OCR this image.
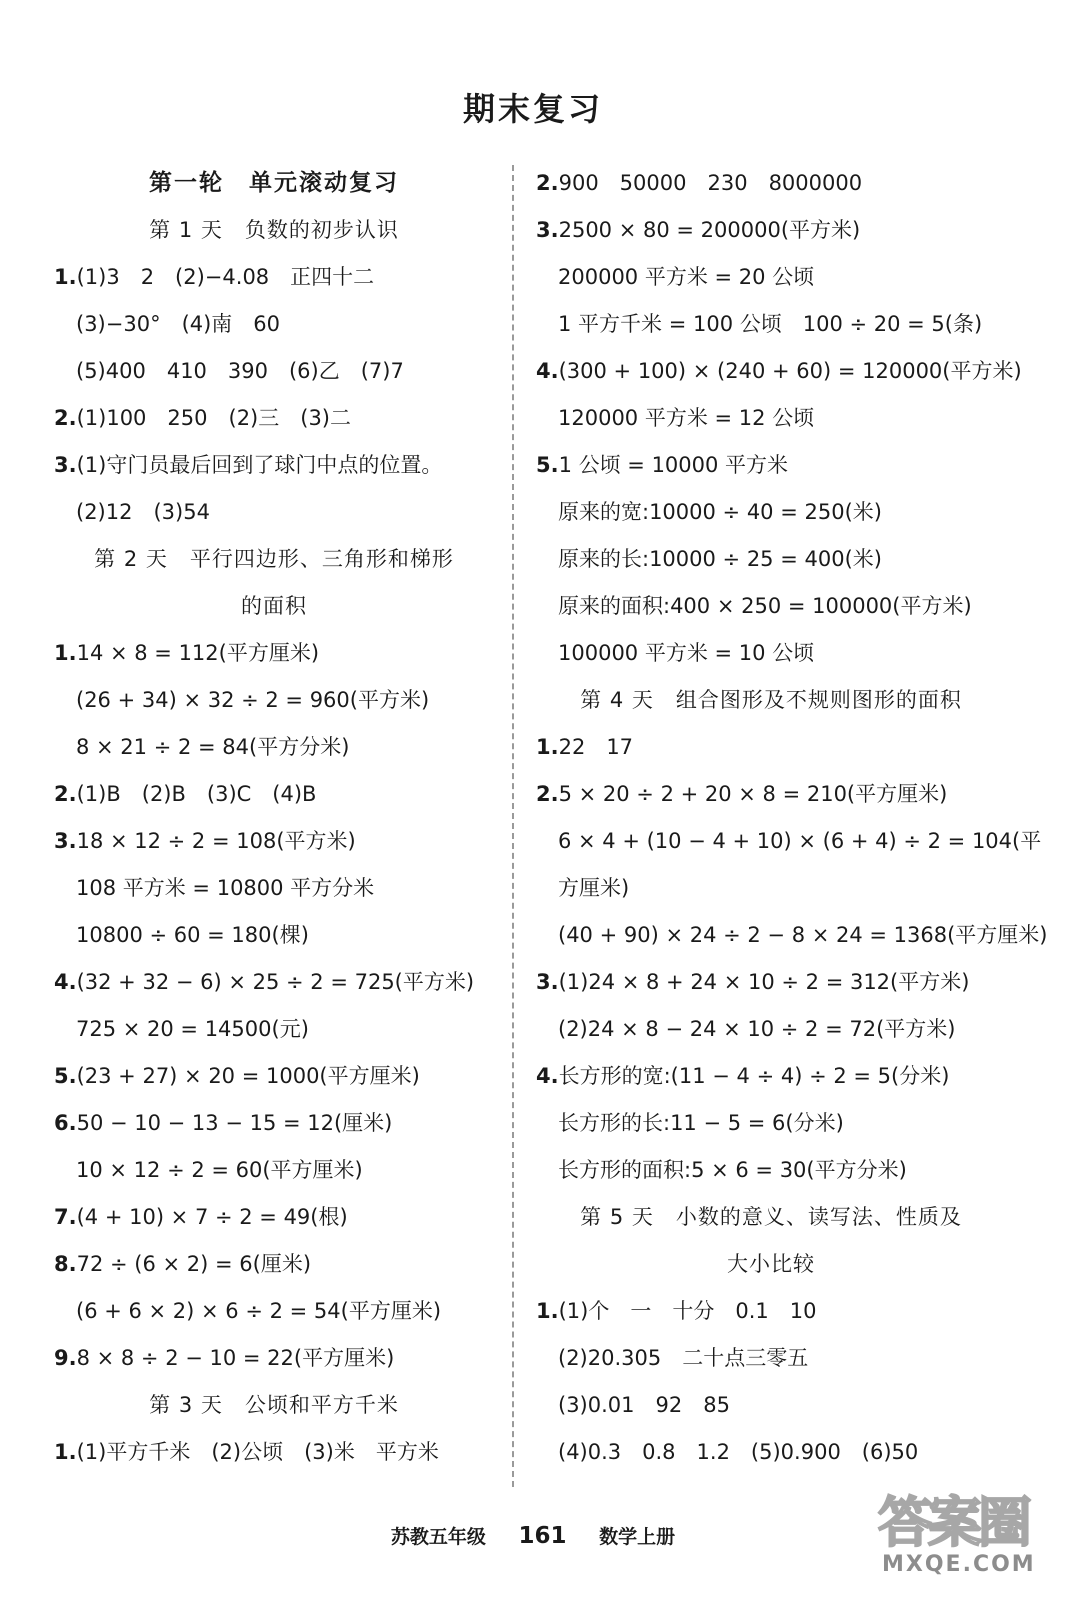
期末复习
第一轮　单元滚动复习
第 1 天　负数的初步认识
1.(1)3　2　(2)−4.08　正四十二
(3)−30°　(4)南　60
(5)400　410　390　(6)乙　(7)7
2.(1)100　250　(2)三　(3)二
3.(1)守门员最后回到了球门中点的位置。
(2)12　(3)54
第 2 天　平行四边形、三角形和梯形
的面积
1.14 × 8 = 112(平方厘米)
(26 + 34) × 32 ÷ 2 = 960(平方米)
8 × 21 ÷ 2 = 84(平方分米)
2.(1)B　(2)B　(3)C　(4)B
3.18 × 12 ÷ 2 = 108(平方米)
108 平方米 = 10800 平方分米
10800 ÷ 60 = 180(棵)
4.(32 + 32 − 6) × 25 ÷ 2 = 725(平方米)
725 × 20 = 14500(元)
5.(23 + 27) × 20 = 1000(平方厘米)
6.50 − 10 − 13 − 15 = 12(厘米)
10 × 12 ÷ 2 = 60(平方厘米)
7.(4 + 10) × 7 ÷ 2 = 49(根)
8.72 ÷ (6 × 2) = 6(厘米)
(6 + 6 × 2) × 6 ÷ 2 = 54(平方厘米)
9.8 × 8 ÷ 2 − 10 = 22(平方厘米)
第 3 天　公顷和平方千米
1.(1)平方千米　(2)公顷　(3)米　平方米
2.900　50000　230　8000000
3.2500 × 80 = 200000(平方米)
200000 平方米 = 20 公顷
1 平方千米 = 100 公顷　100 ÷ 20 = 5(条)
4.(300 + 100) × (240 + 60) = 120000(平方米)
120000 平方米 = 12 公顷
5.1 公顷 = 10000 平方米
原来的宽:10000 ÷ 40 = 250(米)
原来的长:10000 ÷ 25 = 400(米)
原来的面积:400 × 250 = 100000(平方米)
100000 平方米 = 10 公顷
第 4 天　组合图形及不规则图形的面积
1.22　17
2.5 × 20 ÷ 2 + 20 × 8 = 210(平方厘米)
6 × 4 + (10 − 4 + 10) × (6 + 4) ÷ 2 = 104(平
方厘米)
(40 + 90) × 24 ÷ 2 − 8 × 24 = 1368(平方厘米)
3.(1)24 × 8 + 24 × 10 ÷ 2 = 312(平方米)
(2)24 × 8 − 24 × 10 ÷ 2 = 72(平方米)
4.长方形的宽:(11 − 4 ÷ 4) ÷ 2 = 5(分米)
长方形的长:11 − 5 = 6(分米)
长方形的面积:5 × 6 = 30(平方分米)
第 5 天　小数的意义、读写法、性质及
大小比较
1.(1)个　一　十分　0.1　10
(2)20.305　二十点三零五
(3)0.01　92　85
(4)0.3　0.8　1.2　(5)0.900　(6)50
苏教五年级 161 数学上册	答案圈
MXQE.COM
